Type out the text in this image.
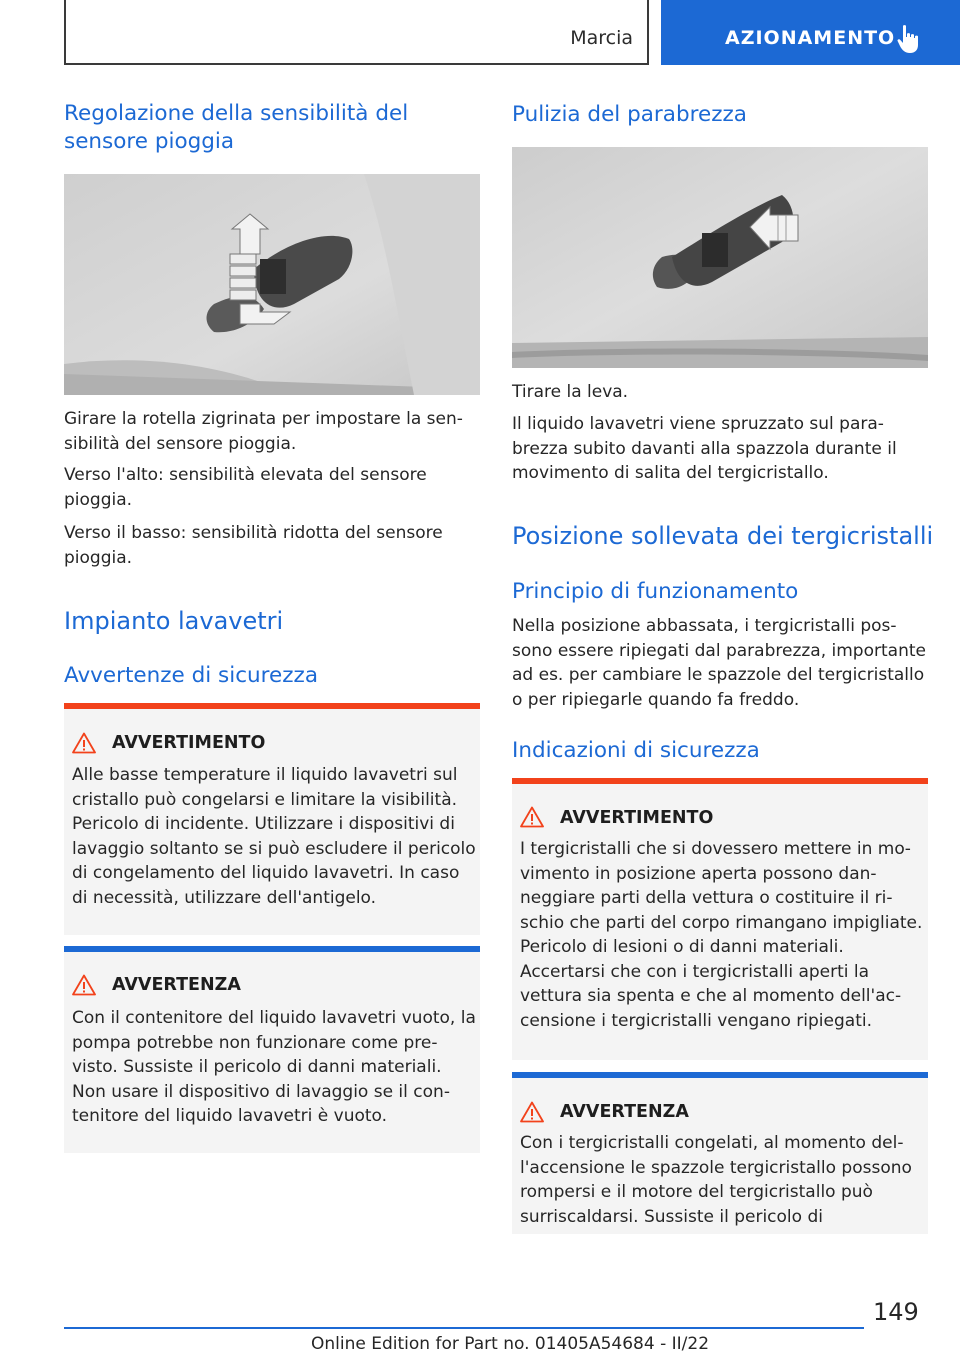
Marcia	AZIONAMENTO
Regolazione della sensibilità del sensore pioggia

Girare la rotella zigrinata per impostare la sensibilità del sensore pioggia.

Verso l'alto: sensibilità elevata del sensore pioggia.

Verso il basso: sensibilità ridotta del sensore pioggia.

Impianto lavavetri
Avvertenze di sicurezza
AVVERTIMENTO

Alle basse temperature il liquido lavavetri sul cristallo può congelarsi e limitare la visibilità. Pericolo di incidente. Utilizzare i dispositivi di lavaggio soltanto se si può escludere il pericolo di congelamento del liquido lavavetri. In caso di necessità, utilizzare dell'antigelo.

AVVERTENZA

Con il contenitore del liquido lavavetri vuoto, la pompa potrebbe non funzionare come previsto. Sussiste il pericolo di danni materiali. Non usare il dispositivo di lavaggio se il contenitore del liquido lavavetri è vuoto.

Pulizia del parabrezza

Tirare la leva.

Il liquido lavavetri viene spruzzato sul parabrezza subito davanti alla spazzola durante il movimento di salita del tergicristallo.

Posizione sollevata dei tergicristalli
Principio di funzionamento

Nella posizione abbassata, i tergicristalli possono essere ripiegati dal parabrezza, importante ad es. per cambiare le spazzole del tergicristallo o per ripiegarle quando fa freddo.

Indicazioni di sicurezza
AVVERTIMENTO

I tergicristalli che si dovessero mettere in movimento in posizione aperta possono danneggiare parti della vettura o costituire il rischio che parti del corpo rimangano impigliate. Pericolo di lesioni o di danni materiali. Accertarsi che con i tergicristalli aperti la vettura sia spenta e che al momento dell'accensione i tergicristalli vengano ripiegati.

AVVERTENZA

Con i tergicristalli congelati, al momento dell'accensione le spazzole tergicristallo possono rompersi e il motore del tergicristallo può surriscaldarsi. Sussiste il pericolo di

149
Online Edition for Part no. 01405A54684 - II/22
